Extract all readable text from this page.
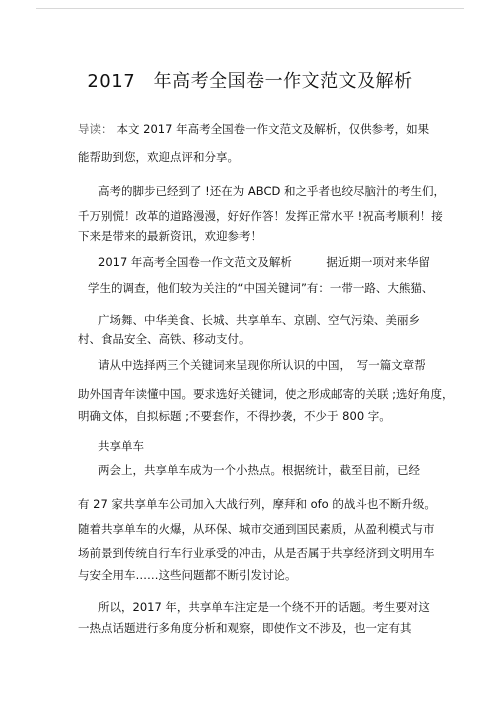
2017　年高考全国卷一作文范文及解析
导读： 本文 2017 年高考全国卷一作文范文及解析，仅供参考，如果
能帮助到您，欢迎点评和分享。
高考的脚步已经到了 !还在为 ABCD 和之乎者也绞尽脑汁的考生们，
千万别慌！改革的道路漫漫，好好作答！发挥正常水平 !祝高考顺利！接
下来是带来的最新资讯，欢迎参考！
2017 年高考全国卷一作文范文及解析　　　据近期一项对来华留
学生的调查，他们较为关注的“中国关键词”有：一带一路、大熊猫、
广场舞、中华美食、长城、共享单车、京剧、空气污染、美丽乡
村、食品安全、高铁、移动支付。
请从中选择两三个关键词来呈现你所认识的中国，　写一篇文章帮
助外国青年读懂中国。要求选好关键词，使之形成邮寄的关联 ;选好角度，
明确文体，自拟标题 ;不要套作，不得抄袭，不少于 800 字。
共享单车
两会上，共享单车成为一个小热点。根据统计，截至目前，已经
有 27 家共享单车公司加入大战行列，摩拜和 ofo 的战斗也不断升级。
随着共享单车的火爆，从环保、城市交通到国民素质，从盈利模式与市
场前景到传统自行车行业承受的冲击，从是否属于共享经济到文明用车
与安全用车……这些问题都不断引发讨论。
所以，2017 年，共享单车注定是一个绕不开的话题。考生要对这
一热点话题进行多角度分析和观察，即使作文不涉及，也一定有其
